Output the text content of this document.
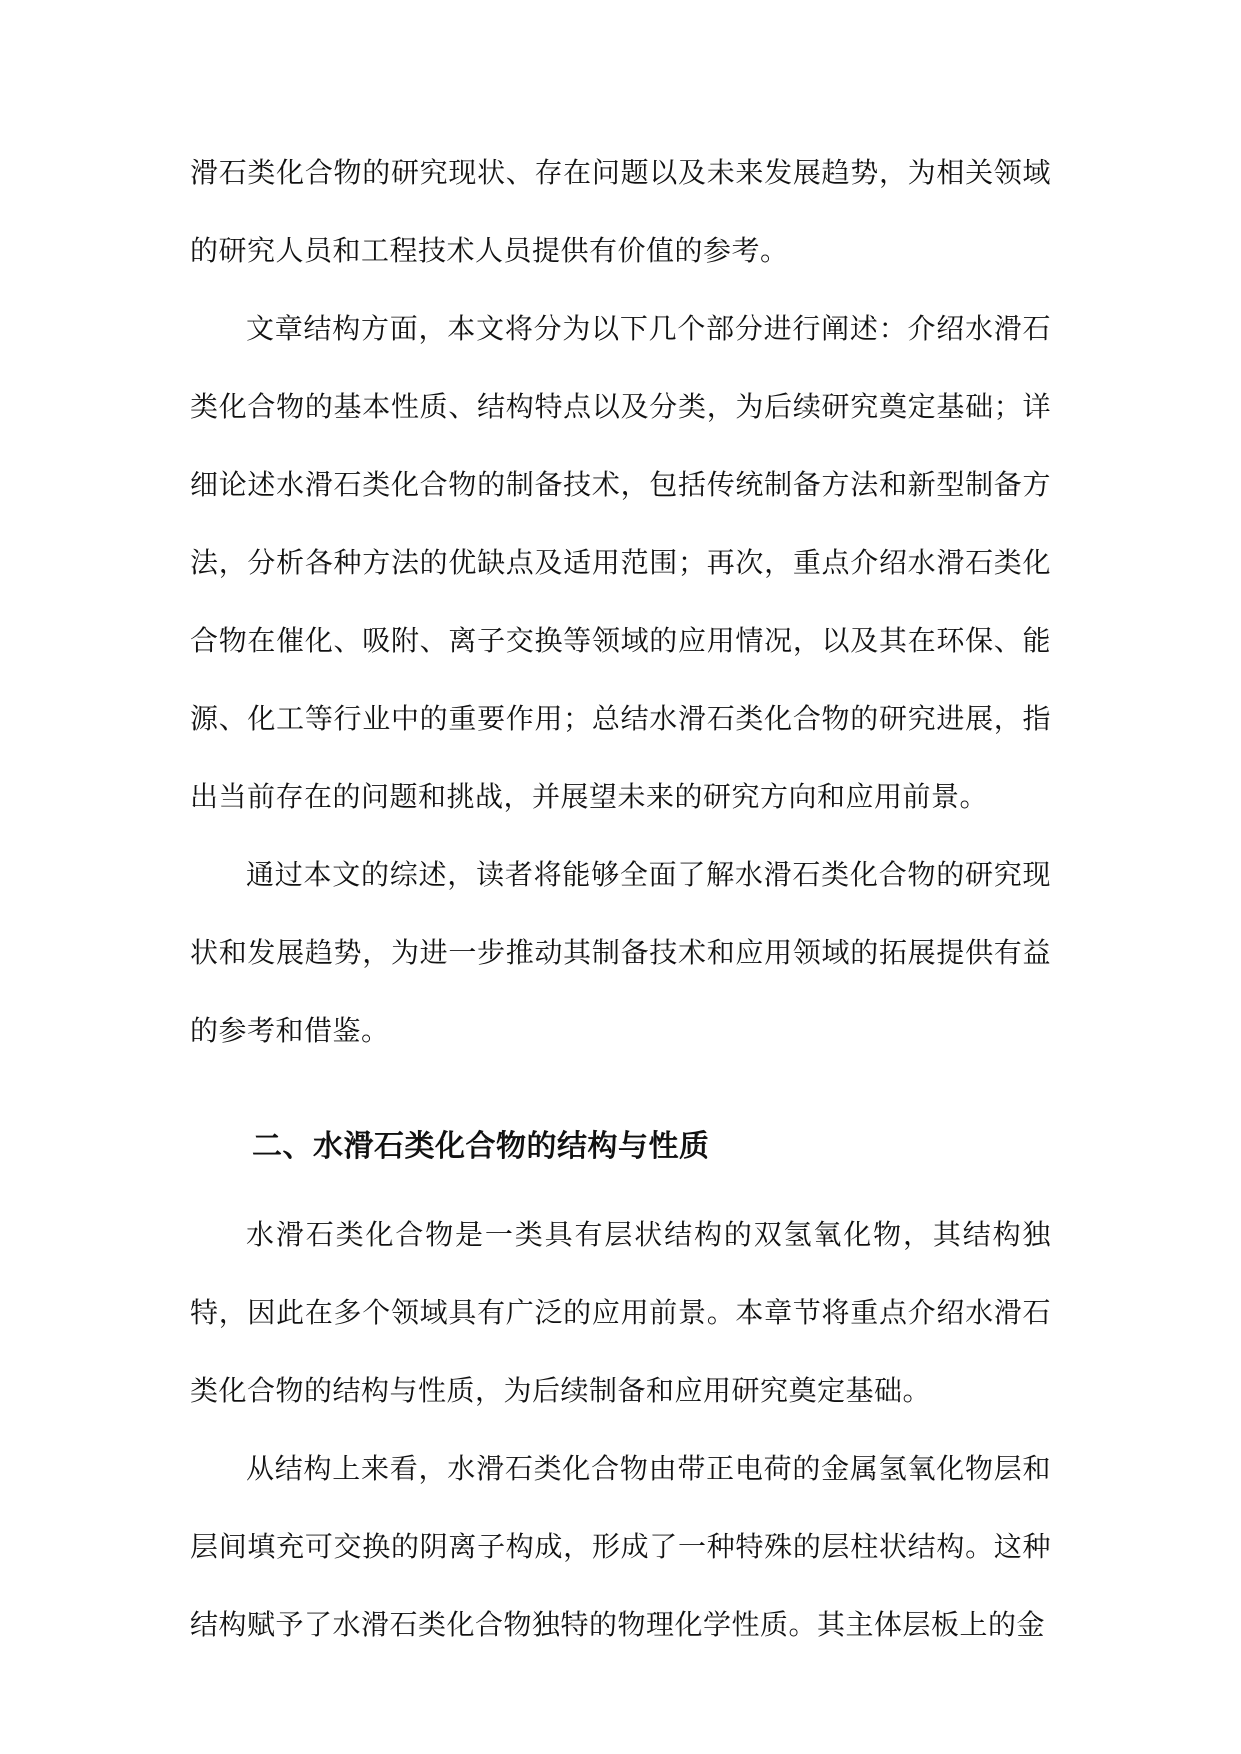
滑石类化合物的研究现状、存在问题以及未来发展趋势，为相关领域的研究人员和工程技术人员提供有价值的参考。

文章结构方面，本文将分为以下几个部分进行阐述：介绍水滑石类化合物的基本性质、结构特点以及分类，为后续研究奠定基础；详细论述水滑石类化合物的制备技术，包括传统制备方法和新型制备方法，分析各种方法的优缺点及适用范围；再次，重点介绍水滑石类化合物在催化、吸附、离子交换等领域的应用情况，以及其在环保、能源、化工等行业中的重要作用；总结水滑石类化合物的研究进展，指出当前存在的问题和挑战，并展望未来的研究方向和应用前景。

通过本文的综述，读者将能够全面了解水滑石类化合物的研究现状和发展趋势，为进一步推动其制备技术和应用领域的拓展提供有益的参考和借鉴。

二、水滑石类化合物的结构与性质

水滑石类化合物是一类具有层状结构的双氢氧化物，其结构独特，因此在多个领域具有广泛的应用前景。本章节将重点介绍水滑石类化合物的结构与性质，为后续制备和应用研究奠定基础。

从结构上来看，水滑石类化合物由带正电荷的金属氢氧化物层和层间填充可交换的阴离子构成，形成了一种特殊的层柱状结构。这种结构赋予了水滑石类化合物独特的物理化学性质。其主体层板上的金
